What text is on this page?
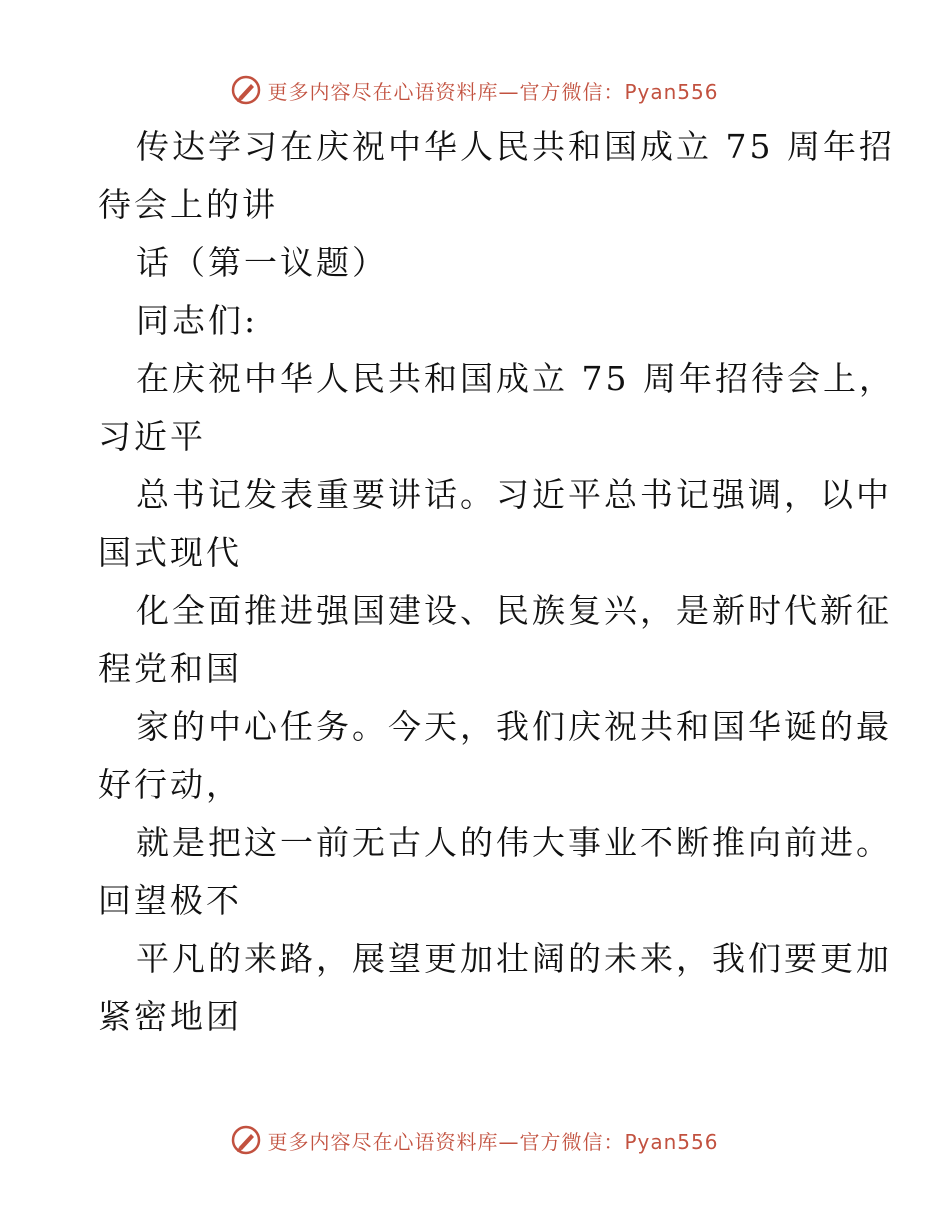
更多内容尽在心语资料库—官方微信：Pyan556
传达学习在庆祝中华人民共和国成立 75 周年招
待会上的讲
话（第一议题）
同志们:
在庆祝中华人民共和国成立 75 周年招待会上，
习近平
总书记发表重要讲话。习近平总书记强调，以中
国式现代
化全面推进强国建设、民族复兴，是新时代新征
程党和国
家的中心任务。今天，我们庆祝共和国华诞的最
好行动，
就是把这一前无古人的伟大事业不断推向前进。
回望极不
平凡的来路，展望更加壮阔的未来，我们要更加
紧密地团
更多内容尽在心语资料库—官方微信：Pyan556
